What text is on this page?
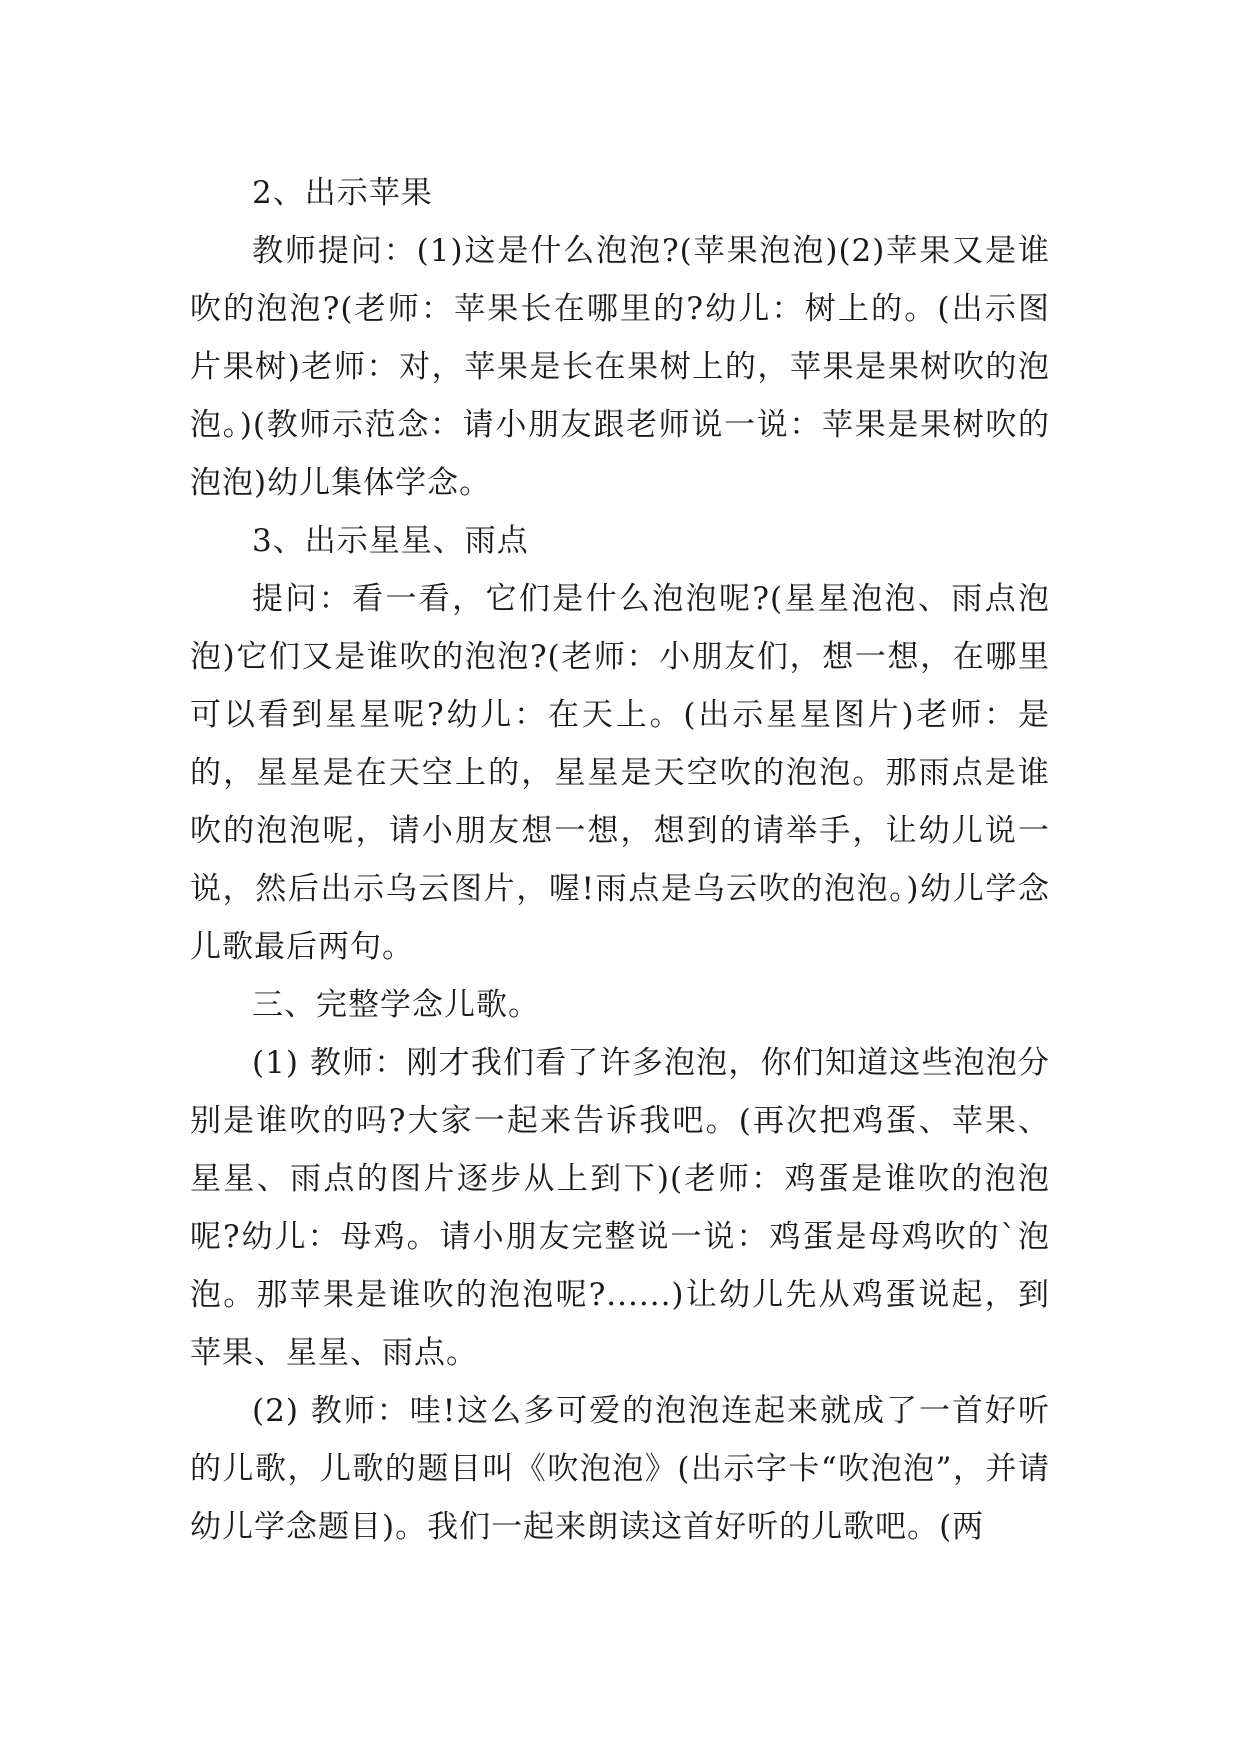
2、出示苹果

教师提问：(1)这是什么泡泡?(苹果泡泡)(2)苹果又是谁吹的泡泡?(老师：苹果长在哪里的?幼儿：树上的。(出示图片果树)老师：对，苹果是长在果树上的，苹果是果树吹的泡泡。)(教师示范念：请小朋友跟老师说一说：苹果是果树吹的泡泡)幼儿集体学念。

3、出示星星、雨点

提问：看一看，它们是什么泡泡呢?(星星泡泡、雨点泡泡)它们又是谁吹的泡泡?(老师：小朋友们，想一想，在哪里可以看到星星呢?幼儿：在天上。(出示星星图片)老师：是的，星星是在天空上的，星星是天空吹的泡泡。那雨点是谁吹的泡泡呢，请小朋友想一想，想到的请举手，让幼儿说一说，然后出示乌云图片，喔!雨点是乌云吹的泡泡。)幼儿学念儿歌最后两句。

三、完整学念儿歌。

(1) 教师：刚才我们看了许多泡泡，你们知道这些泡泡分别是谁吹的吗?大家一起来告诉我吧。(再次把鸡蛋、苹果、星星、雨点的图片逐步从上到下)(老师：鸡蛋是谁吹的泡泡呢?幼儿：母鸡。请小朋友完整说一说：鸡蛋是母鸡吹的`泡泡。那苹果是谁吹的泡泡呢?......)让幼儿先从鸡蛋说起，到苹果、星星、雨点。

(2) 教师：哇!这么多可爱的泡泡连起来就成了一首好听的儿歌，儿歌的题目叫《吹泡泡》(出示字卡“吹泡泡”，并请幼儿学念题目)。我们一起来朗读这首好听的儿歌吧。(两
